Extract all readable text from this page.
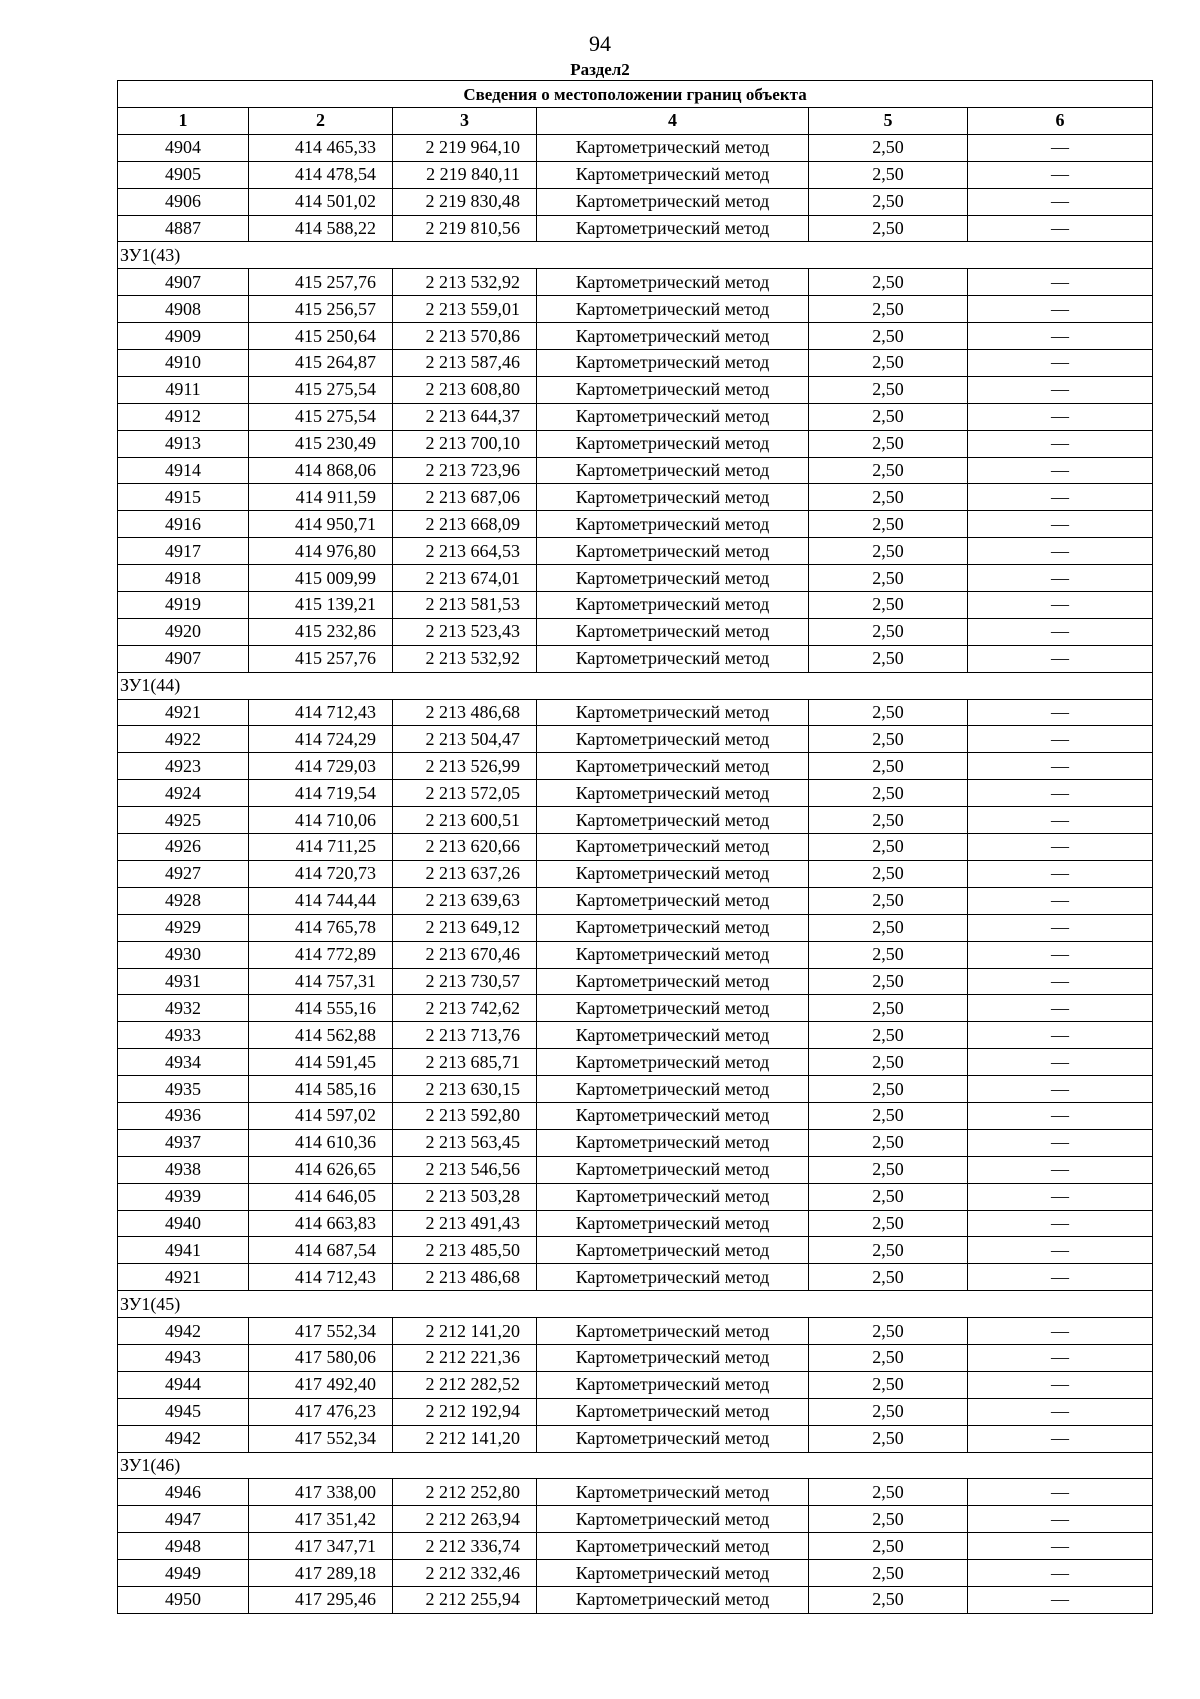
94
Раздел2
Сведения о местоположении границ объекта					
1	2	3	4	5	6
4904	414 465,33	2 219 964,10	Картометрический метод	2,50	—
4905	414 478,54	2 219 840,11	Картометрический метод	2,50	—
4906	414 501,02	2 219 830,48	Картометрический метод	2,50	—
4887	414 588,22	2 219 810,56	Картометрический метод	2,50	—
ЗУ1(43)					
4907	415 257,76	2 213 532,92	Картометрический метод	2,50	—
4908	415 256,57	2 213 559,01	Картометрический метод	2,50	—
4909	415 250,64	2 213 570,86	Картометрический метод	2,50	—
4910	415 264,87	2 213 587,46	Картометрический метод	2,50	—
4911	415 275,54	2 213 608,80	Картометрический метод	2,50	—
4912	415 275,54	2 213 644,37	Картометрический метод	2,50	—
4913	415 230,49	2 213 700,10	Картометрический метод	2,50	—
4914	414 868,06	2 213 723,96	Картометрический метод	2,50	—
4915	414 911,59	2 213 687,06	Картометрический метод	2,50	—
4916	414 950,71	2 213 668,09	Картометрический метод	2,50	—
4917	414 976,80	2 213 664,53	Картометрический метод	2,50	—
4918	415 009,99	2 213 674,01	Картометрический метод	2,50	—
4919	415 139,21	2 213 581,53	Картометрический метод	2,50	—
4920	415 232,86	2 213 523,43	Картометрический метод	2,50	—
4907	415 257,76	2 213 532,92	Картометрический метод	2,50	—
ЗУ1(44)					
4921	414 712,43	2 213 486,68	Картометрический метод	2,50	—
4922	414 724,29	2 213 504,47	Картометрический метод	2,50	—
4923	414 729,03	2 213 526,99	Картометрический метод	2,50	—
4924	414 719,54	2 213 572,05	Картометрический метод	2,50	—
4925	414 710,06	2 213 600,51	Картометрический метод	2,50	—
4926	414 711,25	2 213 620,66	Картометрический метод	2,50	—
4927	414 720,73	2 213 637,26	Картометрический метод	2,50	—
4928	414 744,44	2 213 639,63	Картометрический метод	2,50	—
4929	414 765,78	2 213 649,12	Картометрический метод	2,50	—
4930	414 772,89	2 213 670,46	Картометрический метод	2,50	—
4931	414 757,31	2 213 730,57	Картометрический метод	2,50	—
4932	414 555,16	2 213 742,62	Картометрический метод	2,50	—
4933	414 562,88	2 213 713,76	Картометрический метод	2,50	—
4934	414 591,45	2 213 685,71	Картометрический метод	2,50	—
4935	414 585,16	2 213 630,15	Картометрический метод	2,50	—
4936	414 597,02	2 213 592,80	Картометрический метод	2,50	—
4937	414 610,36	2 213 563,45	Картометрический метод	2,50	—
4938	414 626,65	2 213 546,56	Картометрический метод	2,50	—
4939	414 646,05	2 213 503,28	Картометрический метод	2,50	—
4940	414 663,83	2 213 491,43	Картометрический метод	2,50	—
4941	414 687,54	2 213 485,50	Картометрический метод	2,50	—
4921	414 712,43	2 213 486,68	Картометрический метод	2,50	—
ЗУ1(45)					
4942	417 552,34	2 212 141,20	Картометрический метод	2,50	—
4943	417 580,06	2 212 221,36	Картометрический метод	2,50	—
4944	417 492,40	2 212 282,52	Картометрический метод	2,50	—
4945	417 476,23	2 212 192,94	Картометрический метод	2,50	—
4942	417 552,34	2 212 141,20	Картометрический метод	2,50	—
ЗУ1(46)					
4946	417 338,00	2 212 252,80	Картометрический метод	2,50	—
4947	417 351,42	2 212 263,94	Картометрический метод	2,50	—
4948	417 347,71	2 212 336,74	Картометрический метод	2,50	—
4949	417 289,18	2 212 332,46	Картометрический метод	2,50	—
4950	417 295,46	2 212 255,94	Картометрический метод	2,50	—
